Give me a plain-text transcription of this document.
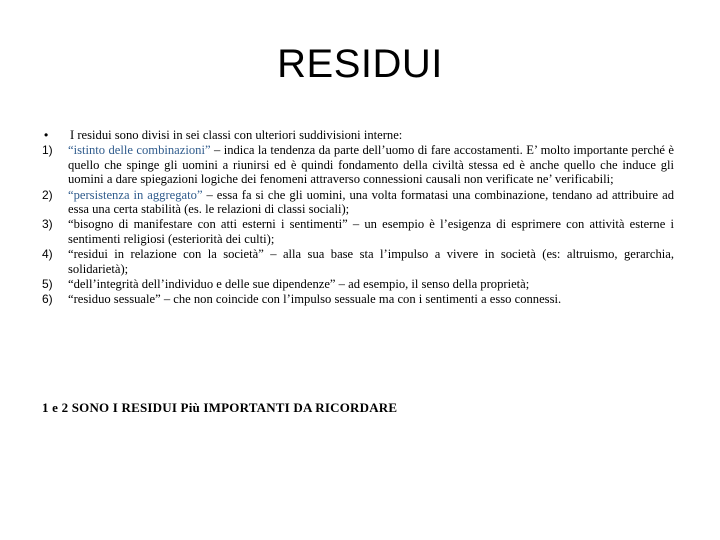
RESIDUI
•	I residui sono divisi in sei classi con ulteriori suddivisioni interne:
1)	“istinto delle combinazioni” – indica la tendenza da parte dell’uomo di fare accostamenti. E’ molto importante perché è quello che spinge gli uomini a riunirsi ed è quindi fondamento della civiltà stessa ed è anche quello che induce gli uomini a dare spiegazioni logiche dei fenomeni attraverso connessioni causali non verificate ne’ verificabili;
2)	“persistenza in aggregato” – essa fa si che gli uomini, una volta formatasi una combinazione, tendano ad attribuire ad essa una certa stabilità (es. le relazioni di classi sociali);
3)	“bisogno di manifestare con atti esterni i sentimenti” – un esempio è l’esigenza di esprimere con attività esterne i sentimenti religiosi (esteriorità dei culti);
4)	“residui in relazione con la società” – alla sua base sta l’impulso a vivere in società (es: altruismo, gerarchia, solidarietà);
5)	“dell’integrità dell’individuo e delle sue dipendenze” – ad esempio, il senso della proprietà;
6)	“residuo sessuale” – che non coincide con l’impulso sessuale ma con i sentimenti a esso connessi.
1 e 2 SONO I RESIDUI Più IMPORTANTI DA RICORDARE
